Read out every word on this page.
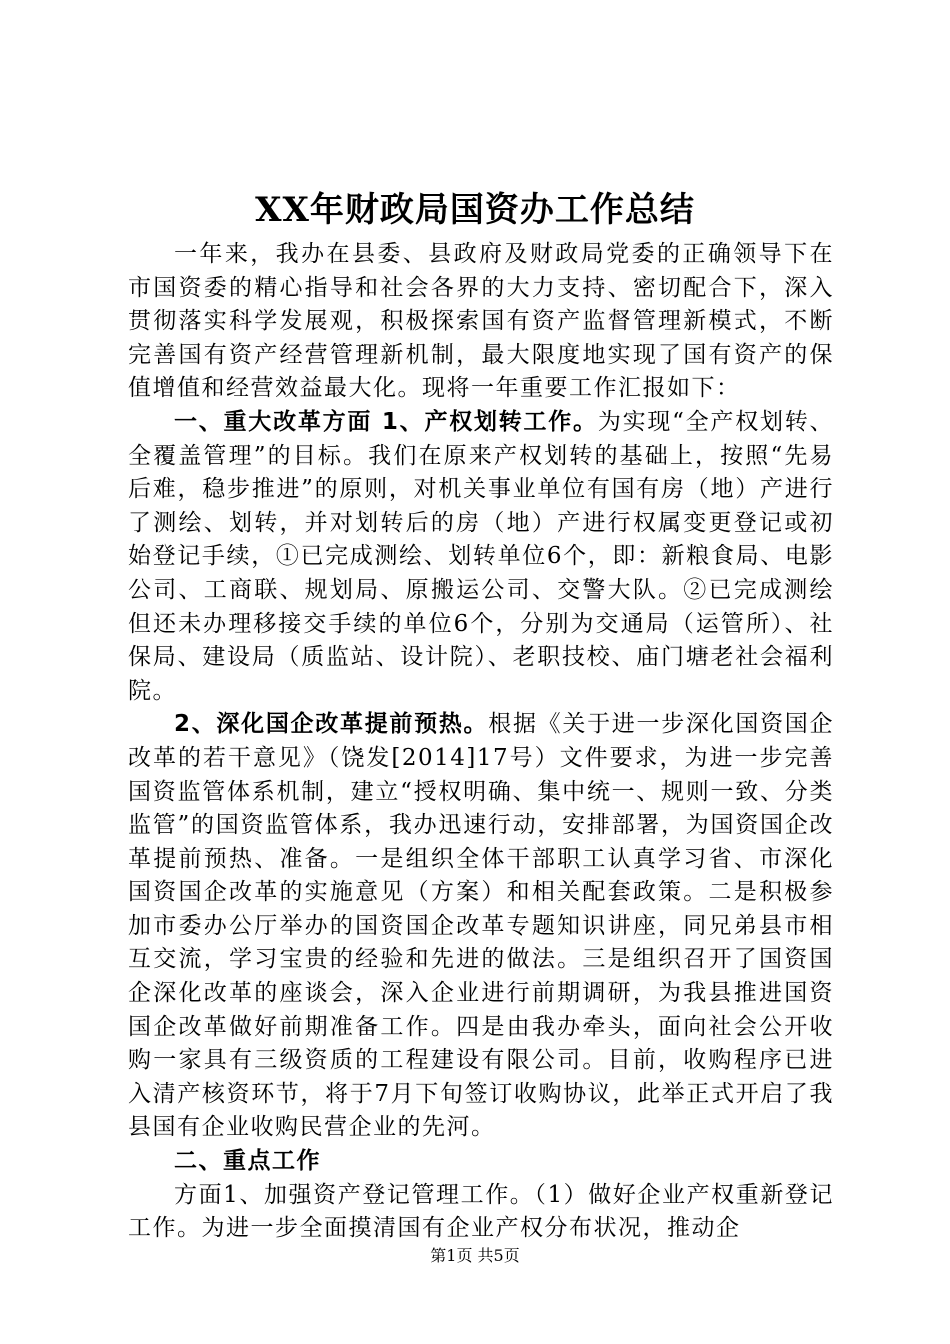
XX年财政局国资办工作总结

一年来，我办在县委、县政府及财政局党委的正确领导下在市国资委的精心指导和社会各界的大力支持、密切配合下，深入贯彻落实科学发展观，积极探索国有资产监督管理新模式，不断完善国有资产经营管理新机制，最大限度地实现了国有资产的保值增值和经营效益最大化。现将一年重要工作汇报如下：

一、重大改革方面 1、产权划转工作。为实现“全产权划转、全覆盖管理”的目标。我们在原来产权划转的基础上，按照“先易后难，稳步推进”的原则，对机关事业单位有国有房（地）产进行了测绘、划转，并对划转后的房（地）产进行权属变更登记或初始登记手续，①已完成测绘、划转单位6个，即：新粮食局、电影公司、工商联、规划局、原搬运公司、交警大队。②已完成测绘但还未办理移接交手续的单位6个，分别为交通局（运管所）、社保局、建设局（质监站、设计院）、老职技校、庙门塘老社会福利院。

2、深化国企改革提前预热。根据《关于进一步深化国资国企改革的若干意见》（饶发[2014]17号）文件要求，为进一步完善国资监管体系机制，建立“授权明确、集中统一、规则一致、分类监管”的国资监管体系，我办迅速行动，安排部署，为国资国企改革提前预热、准备。一是组织全体干部职工认真学习省、市深化国资国企改革的实施意见（方案）和相关配套政策。二是积极参加市委办公厅举办的国资国企改革专题知识讲座，同兄弟县市相互交流，学习宝贵的经验和先进的做法。三是组织召开了国资国企深化改革的座谈会，深入企业进行前期调研，为我县推进国资国企改革做好前期准备工作。四是由我办牵头，面向社会公开收购一家具有三级资质的工程建设有限公司。目前，收购程序已进入清产核资环节，将于7月下旬签订收购协议，此举正式开启了我县国有企业收购民营企业的先河。

二、重点工作

方面1、加强资产登记管理工作。（1）做好企业产权重新登记工作。为进一步全面摸清国有企业产权分布状况，推动企

第1页 共5页
